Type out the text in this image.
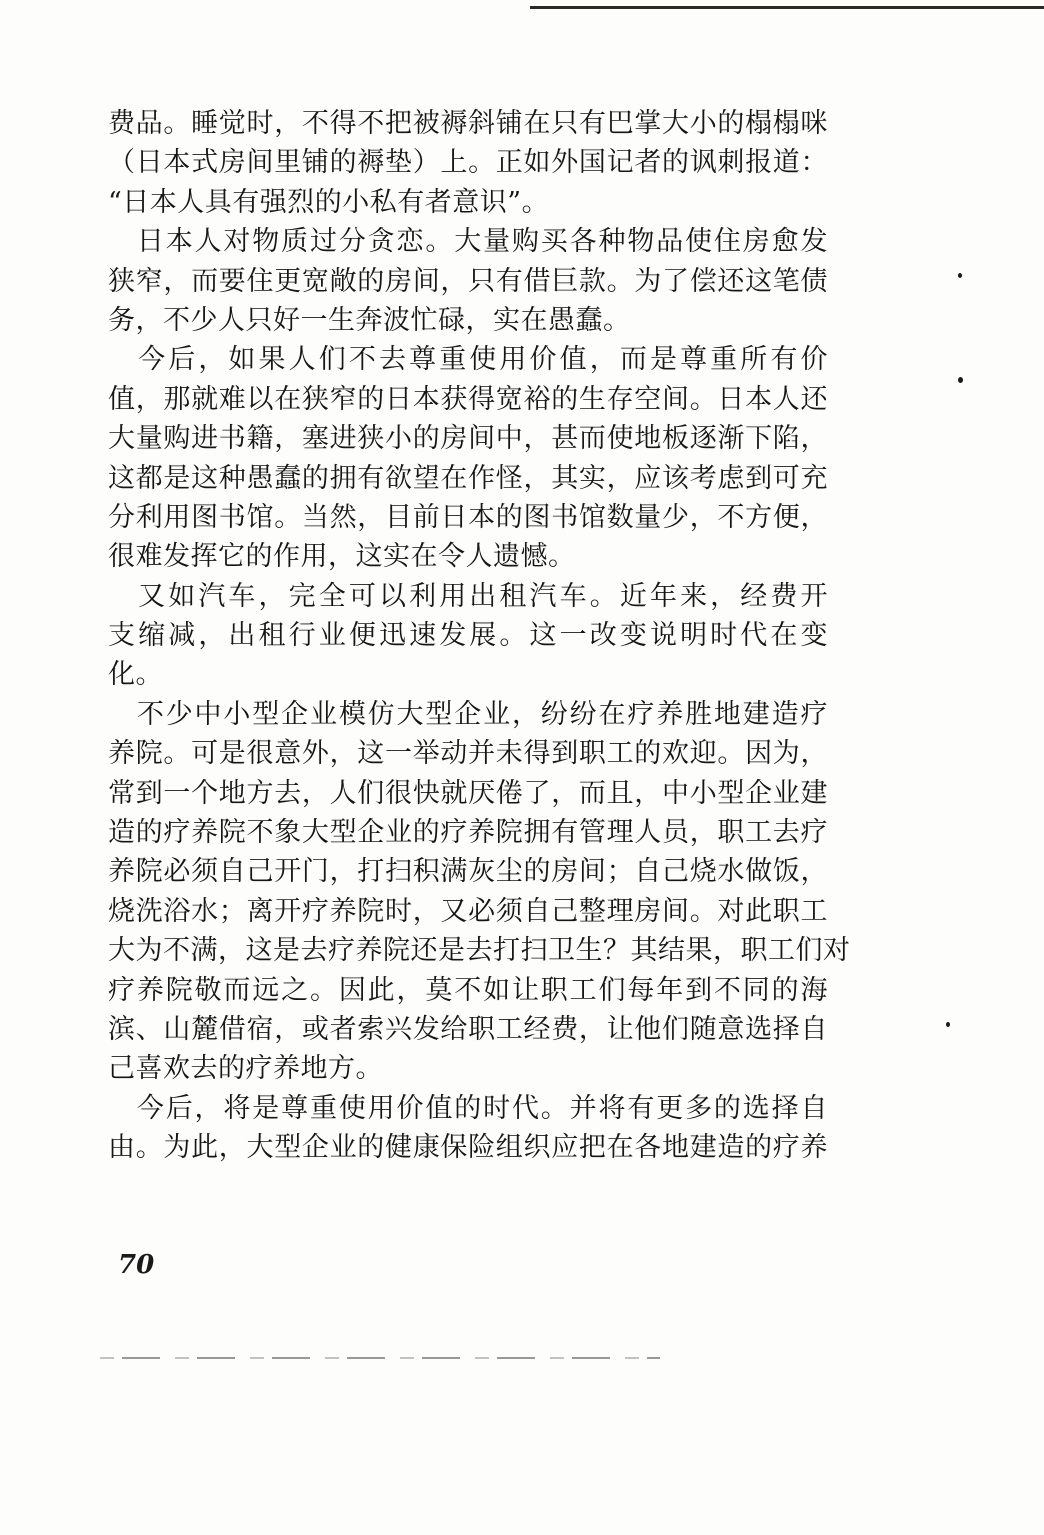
费品。睡觉时，不得不把被褥斜铺在只有巴掌大小的榻榻咪
（日本式房间里铺的褥垫）上。正如外国记者的讽刺报道：
“日本人具有强烈的小私有者意识”。
　日本人对物质过分贪恋。大量购买各种物品使住房愈发
狭窄，而要住更宽敞的房间，只有借巨款。为了偿还这笔债
务，不少人只好一生奔波忙碌，实在愚蠢。
　今后，如果人们不去尊重使用价值，而是尊重所有价
值，那就难以在狭窄的日本获得宽裕的生存空间。日本人还
大量购进书籍，塞进狭小的房间中，甚而使地板逐渐下陷，
这都是这种愚蠢的拥有欲望在作怪，其实，应该考虑到可充
分利用图书馆。当然，目前日本的图书馆数量少，不方便，
很难发挥它的作用，这实在令人遗憾。
　又如汽车，完全可以利用出租汽车。近年来，经费开
支缩减，出租行业便迅速发展。这一改变说明时代在变
化。
　不少中小型企业模仿大型企业，纷纷在疗养胜地建造疗
养院。可是很意外，这一举动并未得到职工的欢迎。因为，
常到一个地方去，人们很快就厌倦了，而且，中小型企业建
造的疗养院不象大型企业的疗养院拥有管理人员，职工去疗
养院必须自己开门，打扫积满灰尘的房间；自己烧水做饭，
烧洗浴水；离开疗养院时，又必须自己整理房间。对此职工
大为不满，这是去疗养院还是去打扫卫生？其结果，职工们对
疗养院敬而远之。因此，莫不如让职工们每年到不同的海
滨、山麓借宿，或者索兴发给职工经费，让他们随意选择自
己喜欢去的疗养地方。
　今后，将是尊重使用价值的时代。并将有更多的选择自
由。为此，大型企业的健康保险组织应把在各地建造的疗养
70
